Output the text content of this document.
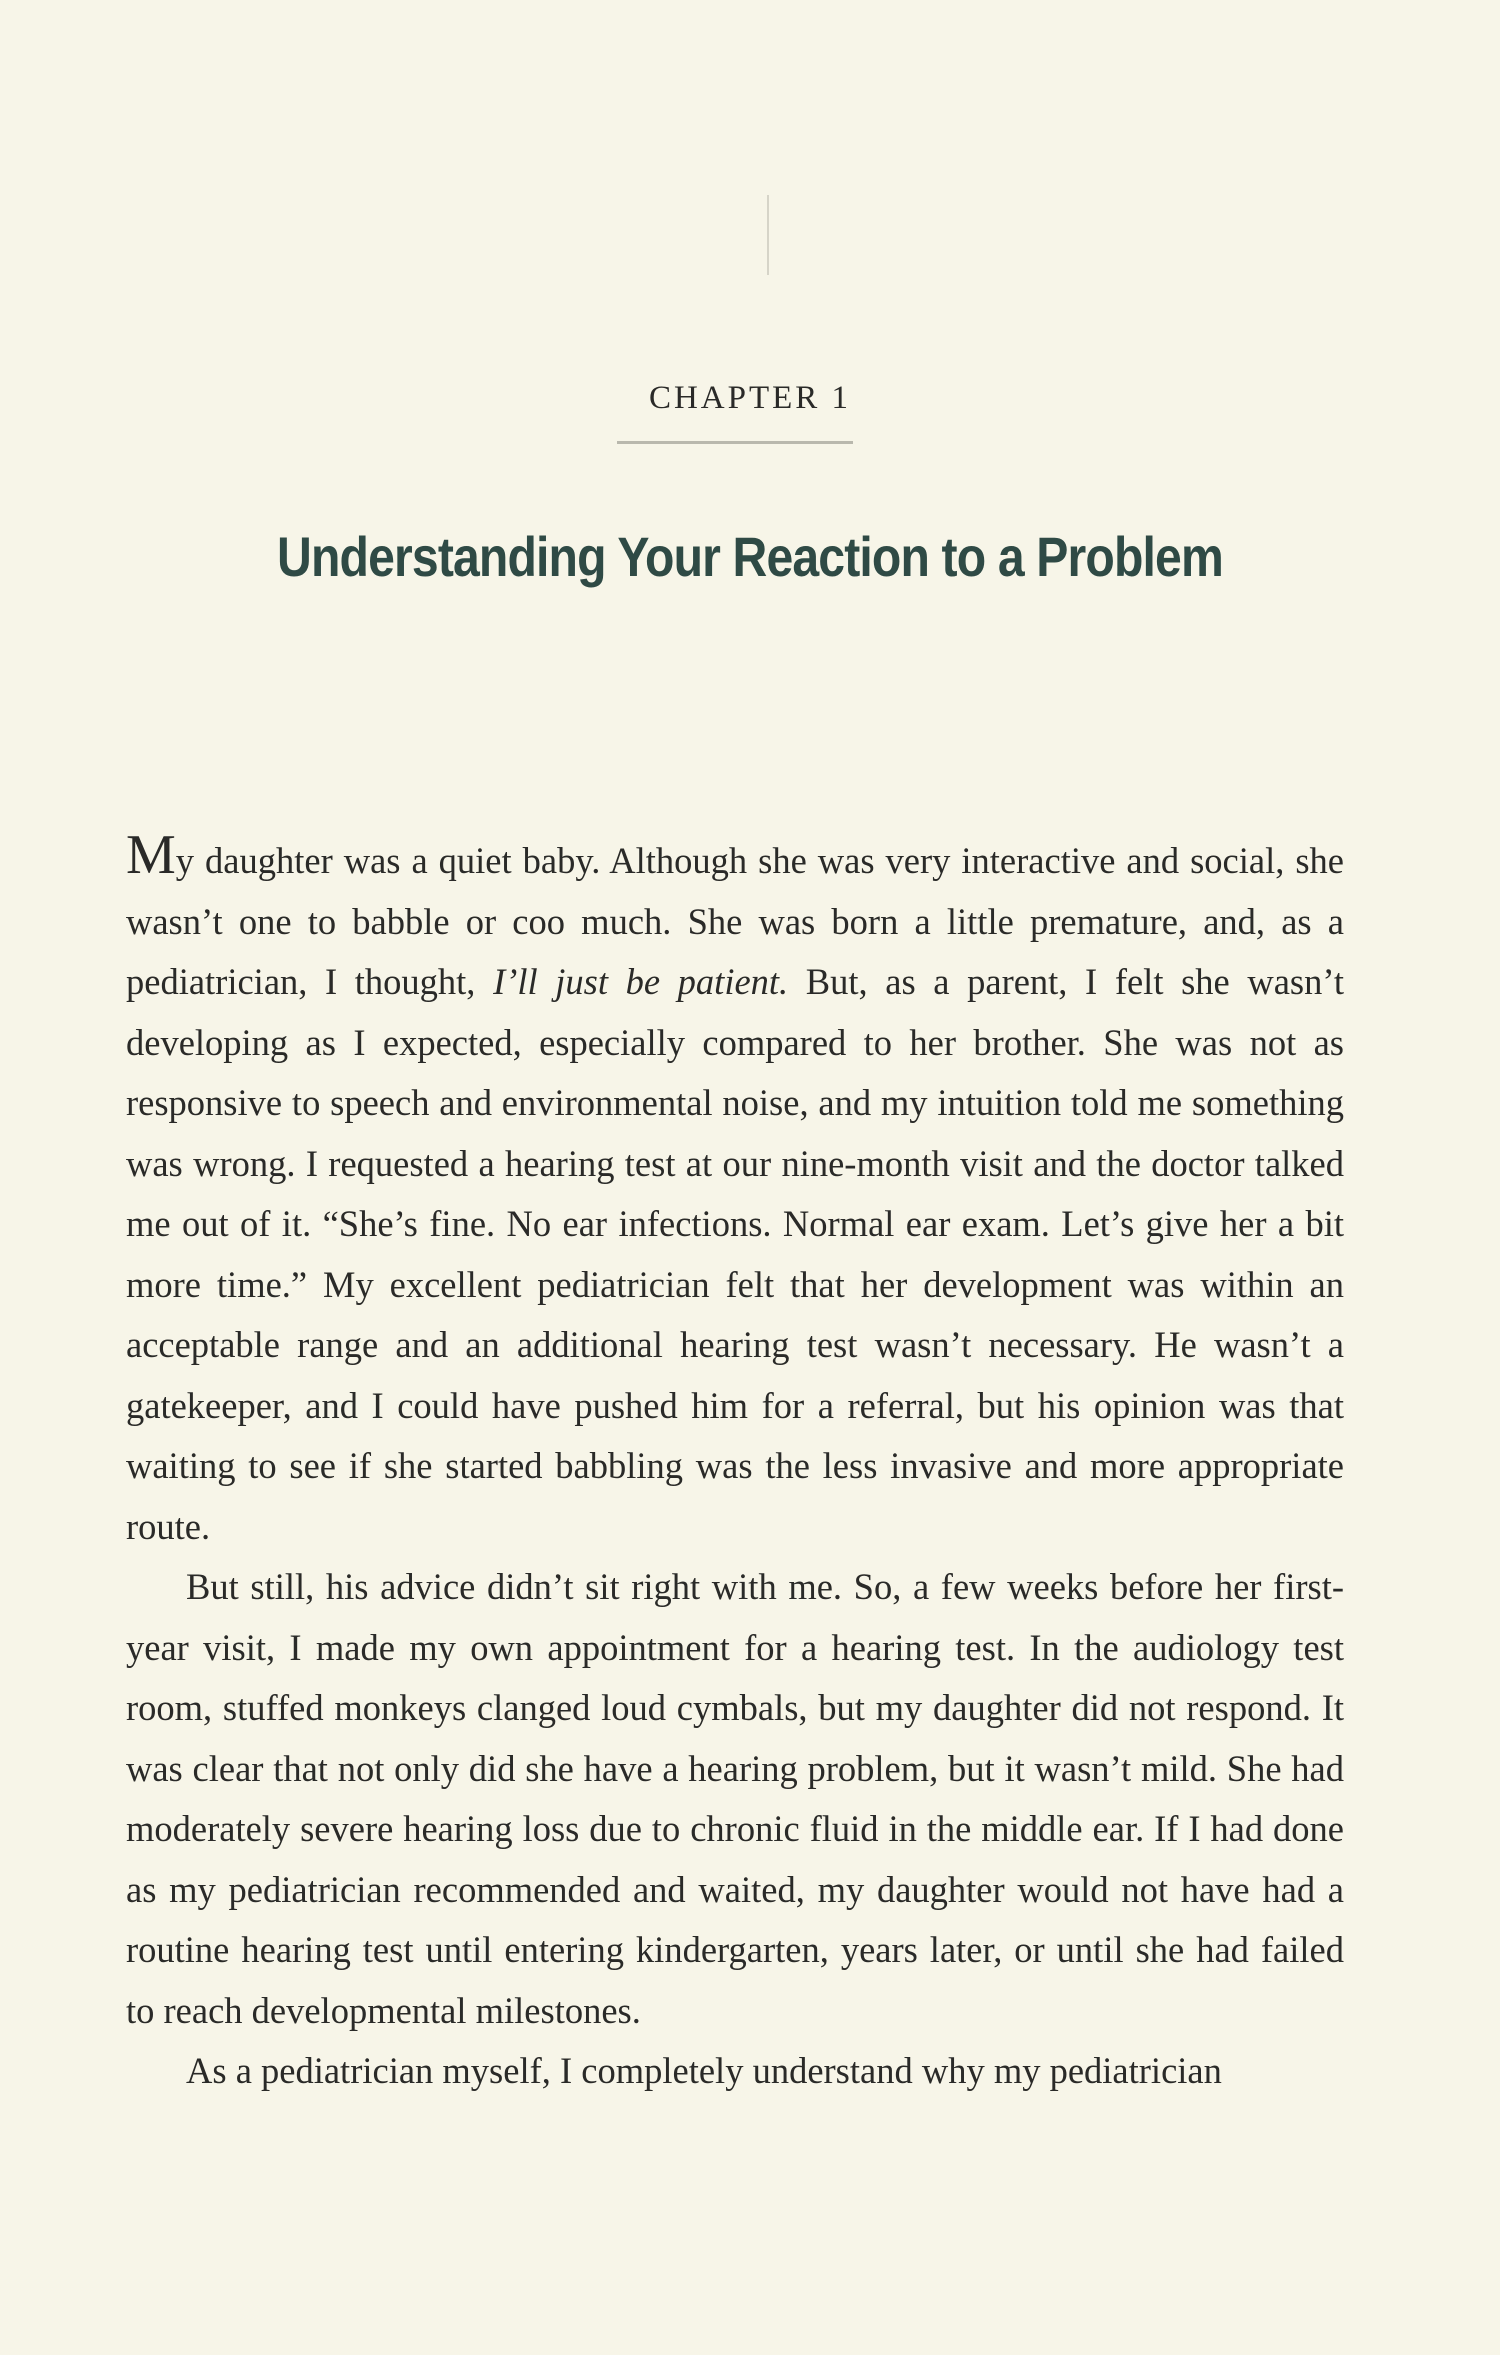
CHAPTER 1
Understanding Your Reaction to a Problem

My daughter was a quiet baby. Although she was very interactive and social, she wasn’t one to babble or coo much. She was born a little premature, and, as a pediatrician, I thought, I’ll just be patient. But, as a parent, I felt she wasn’t developing as I expected, especially compared to her brother. She was not as responsive to speech and environmental noise, and my intuition told me something was wrong. I requested a hearing test at our nine-month visit and the doctor talked me out of it. “She’s fine. No ear infections. Normal ear exam. Let’s give her a bit more time.” My excellent pediatrician felt that her development was within an acceptable range and an additional hearing test wasn’t necessary. He wasn’t a gatekeeper, and I could have pushed him for a referral, but his opinion was that waiting to see if she started babbling was the less invasive and more appropriate route.

But still, his advice didn’t sit right with me. So, a few weeks before her first-year visit, I made my own appointment for a hearing test. In the audiology test room, stuffed monkeys clanged loud cymbals, but my daughter did not respond. It was clear that not only did she have a hearing problem, but it wasn’t mild. She had moderately severe hearing loss due to chronic fluid in the middle ear. If I had done as my pediatrician recommended and waited, my daughter would not have had a routine hearing test until entering kindergarten, years later, or until she had failed to reach developmental milestones.

As a pediatrician myself, I completely understand why my pediatrician
